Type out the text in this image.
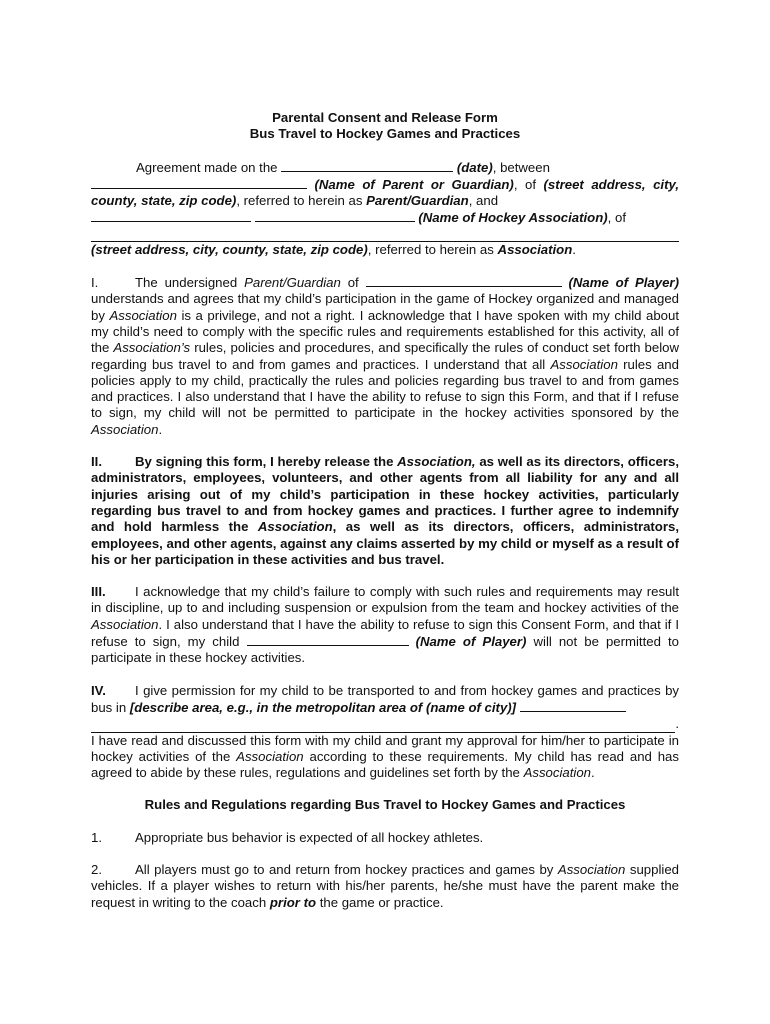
Parental Consent and Release Form
Bus Travel to Hockey Games and Practices
Agreement made on the	(date), between
(Name of Parent or Guardian), of (street address, city, county, state, zip code), referred to herein as Parent/Guardian, and
(Name of Hockey Association), of
(street address, city, county, state, zip code), referred to herein as Association.
I.	The undersigned Parent/Guardian of	(Name of Player) understands and agrees that my child’s participation in the game of Hockey organized and managed by Association is a privilege, and not a right. I acknowledge that I have spoken with my child about my child’s need to comply with the specific rules and requirements established for this activity, all of the Association’s rules, policies and procedures, and specifically the rules of conduct set forth below regarding bus travel to and from games and practices. I understand that all Association rules and policies apply to my child, practically the rules and policies regarding bus travel to and from games and practices. I also understand that I have the ability to refuse to sign this Form, and that if I refuse to sign, my child will not be permitted to participate in the hockey activities sponsored by the Association.
II.	By signing this form, I hereby release the Association, as well as its directors, officers, administrators, employees, volunteers, and other agents from all liability for any and all injuries arising out of my child’s participation in these hockey activities, particularly regarding bus travel to and from hockey games and practices. I further agree to indemnify and hold harmless the Association, as well as its directors, officers, administrators, employees, and other agents, against any claims asserted by my child or myself as a result of his or her participation in these activities and bus travel.
III. I acknowledge that my child’s failure to comply with such rules and requirements may result in discipline, up to and including suspension or expulsion from the team and hockey activities of the Association. I also understand that I have the ability to refuse to sign this Consent Form, and that if I refuse to sign, my child	(Name of Player) will not be permitted to participate in these hockey activities.
IV. I give permission for my child to be transported to and from hockey games and practices by bus in [describe area, e.g., in the metropolitan area of (name of city)]
.
I have read and discussed this form with my child and grant my approval for him/her to participate in hockey activities of the Association according to these requirements. My child has read and has agreed to abide by these rules, regulations and guidelines set forth by the Association.
Rules and Regulations regarding Bus Travel to Hockey Games and Practices
1.	Appropriate bus behavior is expected of all hockey athletes.
2.	All players must go to and return from hockey practices and games by Association supplied vehicles. If a player wishes to return with his/her parents, he/she must have the parent make the request in writing to the coach prior to the game or practice.
